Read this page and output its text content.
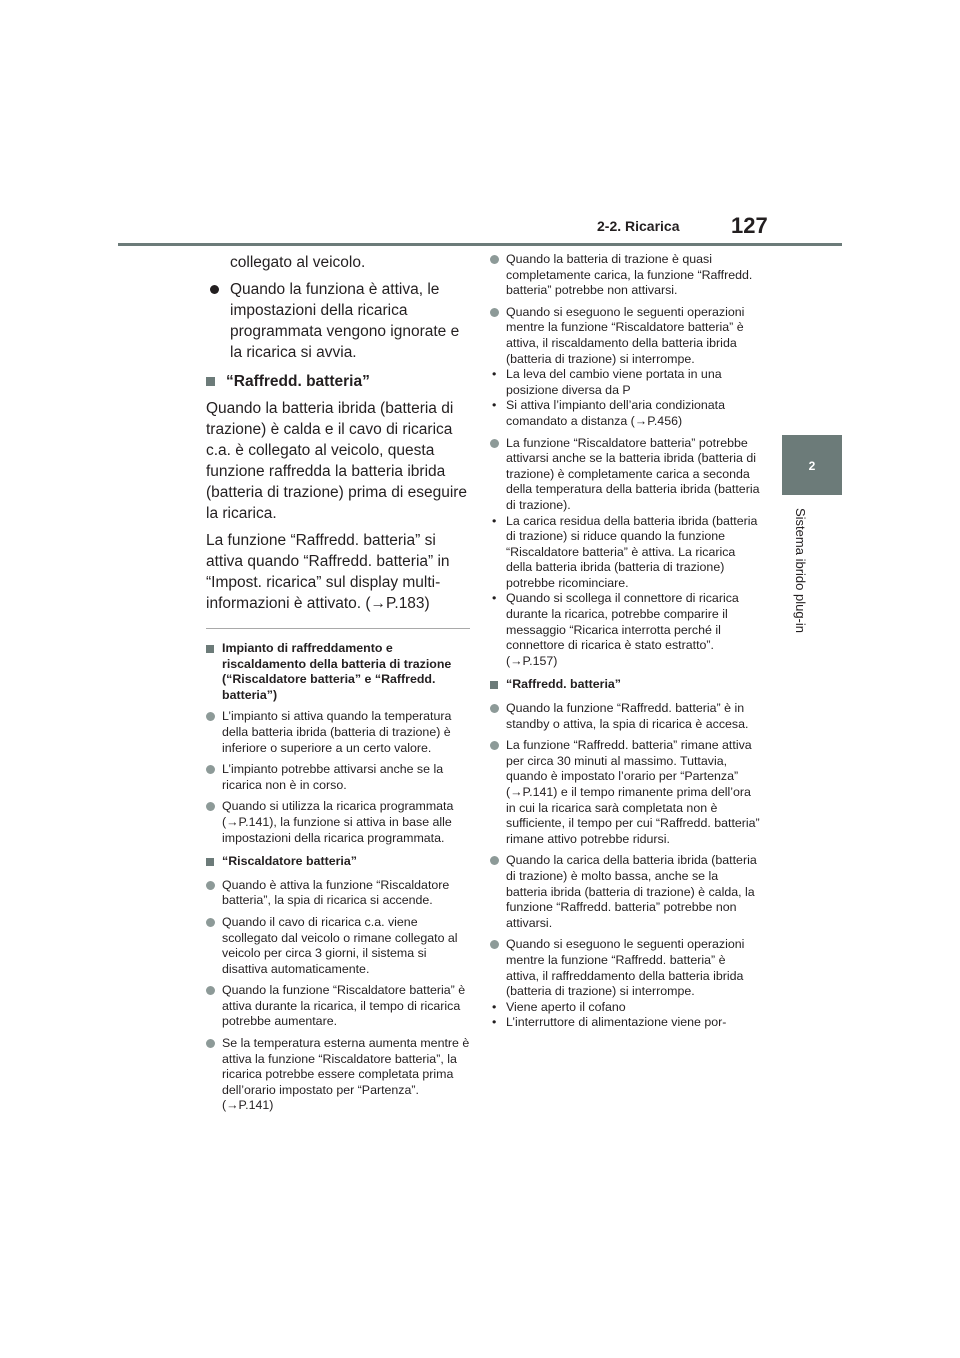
2-2. Ricarica 127
2
Sistema ibrido plug-in

collegato al veicolo.

Quando la funziona è attiva, le impostazioni della ricarica programmata vengono ignorate e la ricarica si avvia.
“Raffredd. batteria”

Quando la batteria ibrida (batteria di trazione) è calda e il cavo di ricarica c.a. è collegato al veicolo, questa funzione raffredda la batteria ibrida (batteria di trazione) prima di eseguire la ricarica.

La funzione “Raffredd. batteria” si attiva quando “Raffredd. batteria” in “Impost. ricarica” sul display multi-informazioni è attivato. (→P.183)

Impianto di raffreddamento e riscaldamento della batteria di trazione (“Riscaldatore batteria” e “Raffredd. batteria”)
L’impianto si attiva quando la temperatura della batteria ibrida (batteria di trazione) è inferiore o superiore a un certo valore.
L’impianto potrebbe attivarsi anche se la ricarica non è in corso.
Quando si utilizza la ricarica programmata (→P.141), la funzione si attiva in base alle impostazioni della ricarica programmata.
“Riscaldatore batteria”
Quando è attiva la funzione “Riscaldatore batteria”, la spia di ricarica si accende.
Quando il cavo di ricarica c.a. viene scollegato dal veicolo o rimane collegato al veicolo per circa 3 giorni, il sistema si disattiva automaticamente.
Quando la funzione “Riscaldatore batteria” è attiva durante la ricarica, il tempo di ricarica potrebbe aumentare.
Se la temperatura esterna aumenta mentre è attiva la funzione “Riscaldatore batteria”, la ricarica potrebbe essere completata prima dell’orario impostato per “Partenza”. (→P.141)
Quando la batteria di trazione è quasi completamente carica, la funzione “Raffredd. batteria” potrebbe non attivarsi.
Quando si eseguono le seguenti operazioni mentre la funzione “Riscaldatore batteria” è attiva, il riscaldamento della batteria ibrida (batteria di trazione) si interrompe.
• La leva del cambio viene portata in una posizione diversa da P
• Si attiva l’impianto dell’aria condizionata comandato a distanza (→P.456)
La funzione “Riscaldatore batteria” potrebbe attivarsi anche se la batteria ibrida (batteria di trazione) è completamente carica a seconda della temperatura della batteria ibrida (batteria di trazione).
• La carica residua della batteria ibrida (batteria di trazione) si riduce quando la funzione “Riscaldatore batteria” è attiva. La ricarica della batteria ibrida (batteria di trazione) potrebbe ricominciare.
• Quando si scollega il connettore di ricarica durante la ricarica, potrebbe comparire il messaggio “Ricarica interrotta perché il connettore di ricarica è stato estratto”. (→P.157)
“Raffredd. batteria”
Quando la funzione “Raffredd. batteria” è in standby o attiva, la spia di ricarica è accesa.
La funzione “Raffredd. batteria” rimane attiva per circa 30 minuti al massimo. Tuttavia, quando è impostato l’orario per “Partenza” (→P.141) e il tempo rimanente prima dell’ora in cui la ricarica sarà completata non è sufficiente, il tempo per cui “Raffredd. batteria” rimane attivo potrebbe ridursi.
Quando la carica della batteria ibrida (batteria di trazione) è molto bassa, anche se la batteria ibrida (batteria di trazione) è calda, la funzione “Raffredd. batteria” potrebbe non attivarsi.
Quando si eseguono le seguenti operazioni mentre la funzione “Raffredd. batteria” è attiva, il raffreddamento della batteria ibrida (batteria di trazione) si interrompe.
• Viene aperto il cofano
• L’interruttore di alimentazione viene por-
